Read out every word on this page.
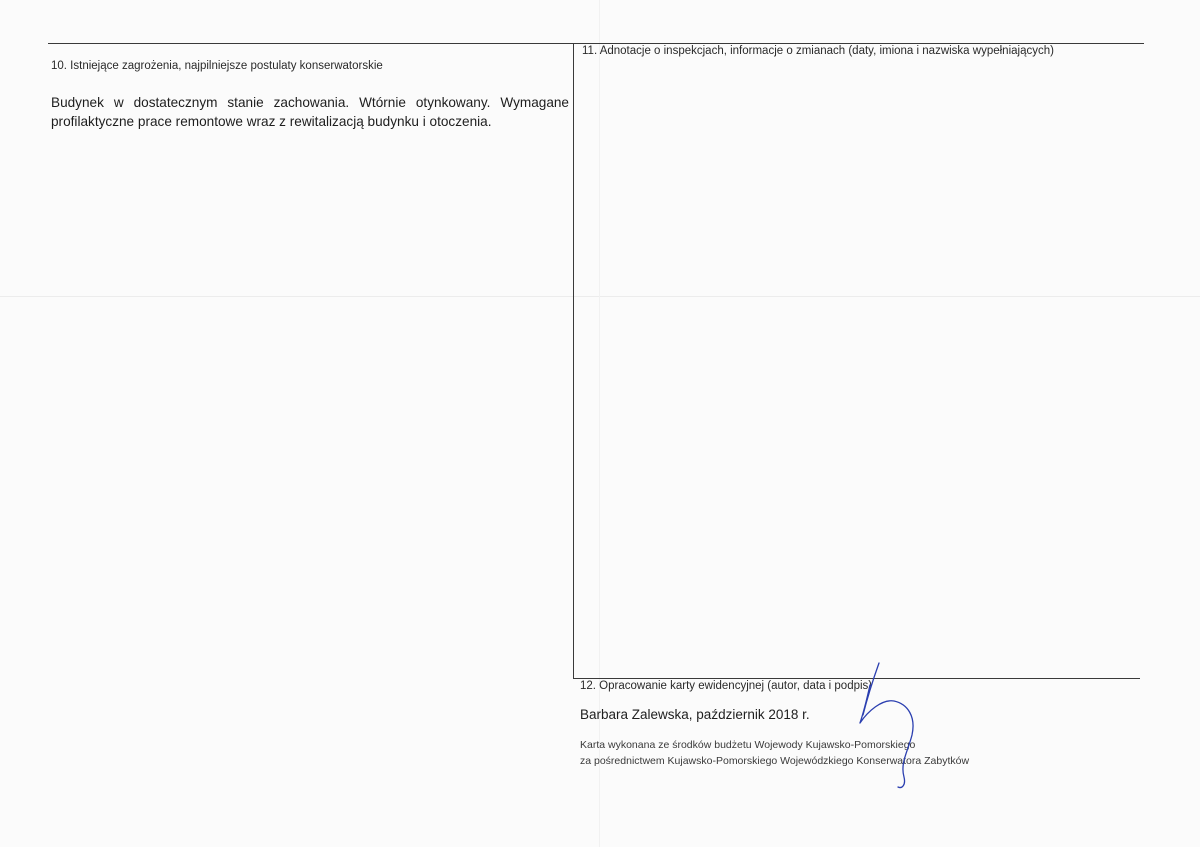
10. Istniejące zagrożenia, najpilniejsze postulaty konserwatorskie
Budynek w dostatecznym stanie zachowania. Wtórnie otynkowany. Wymagane
profilaktyczne prace remontowe wraz z rewitalizacją budynku i otoczenia.
11. Adnotacje o inspekcjach, informacje o zmianach (daty, imiona i nazwiska wypełniających)
12. Opracowanie karty ewidencyjnej (autor, data i podpis)
Barbara Zalewska, październik 2018 r.
Karta wykonana ze środków budżetu Wojewody Kujawsko-Pomorskiego
za pośrednictwem Kujawsko-Pomorskiego Wojewódzkiego Konserwatora Zabytków
